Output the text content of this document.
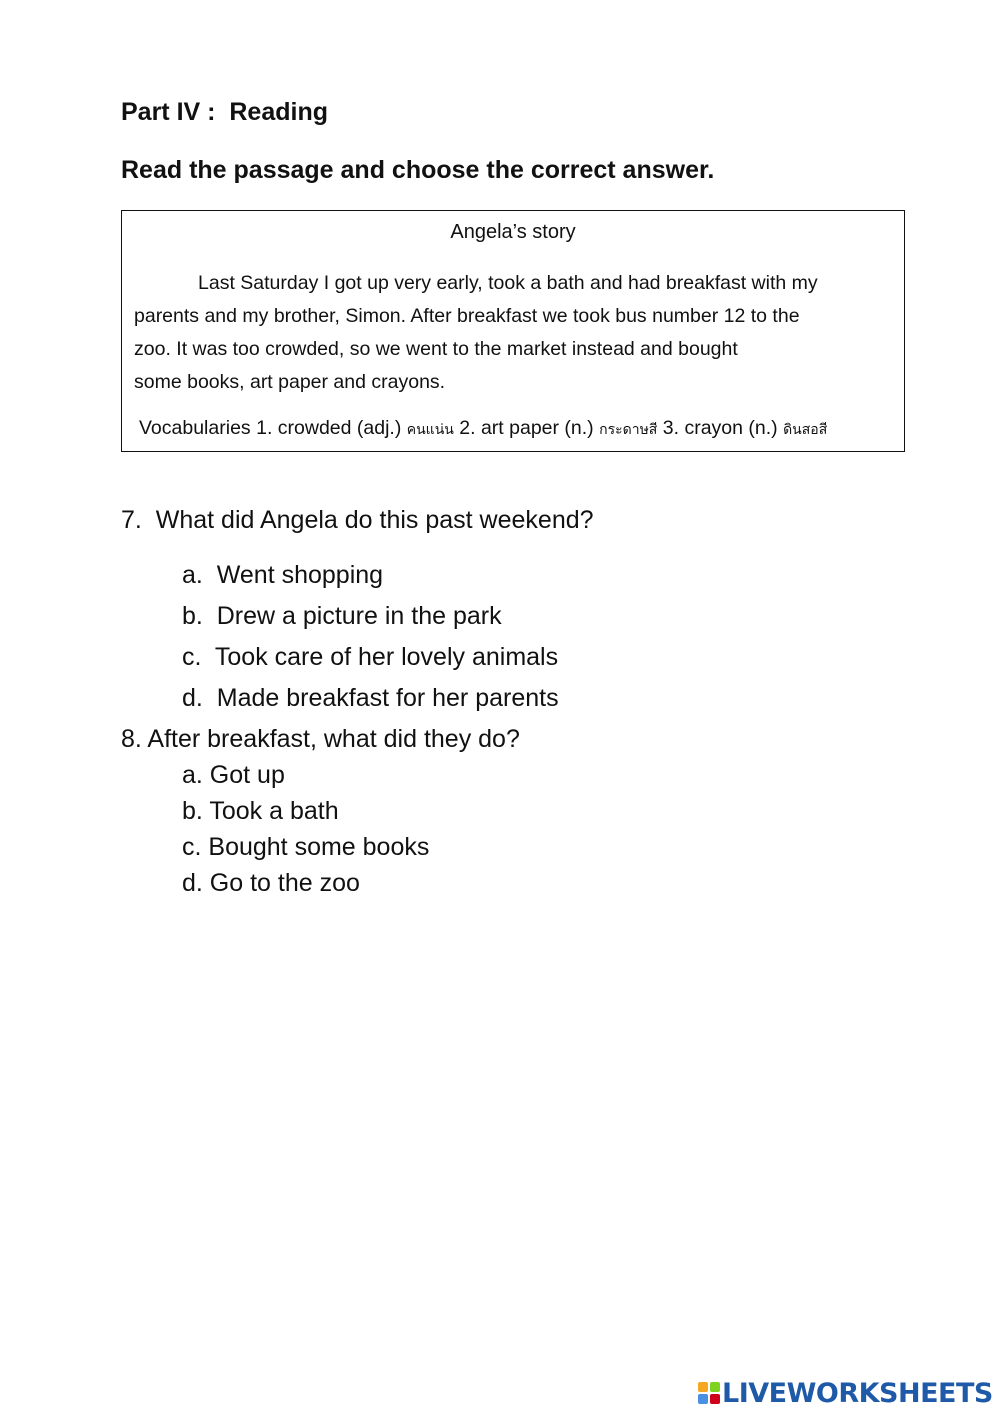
Part IV :  Reading
Read the passage and choose the correct answer.
Angela’s story
Last Saturday I got up very early, took a bath and had breakfast with my
parents and my brother, Simon. After breakfast we took bus number 12 to the
zoo. It was too crowded, so we went to the market instead and bought
some books, art paper and crayons.
Vocabularies 1. crowded (adj.) คนแน่น 2. art paper (n.) กระดาษสี 3. crayon (n.) ดินสอสี
7.  What did Angela do this past weekend?
a.  Went shopping
b.  Drew a picture in the park
c.  Took care of her lovely animals
d.  Made breakfast for her parents
8. After breakfast, what did they do?
a. Got up
b. Took a bath
c. Bought some books
d. Go to the zoo
LIVEWORKSHEETS
